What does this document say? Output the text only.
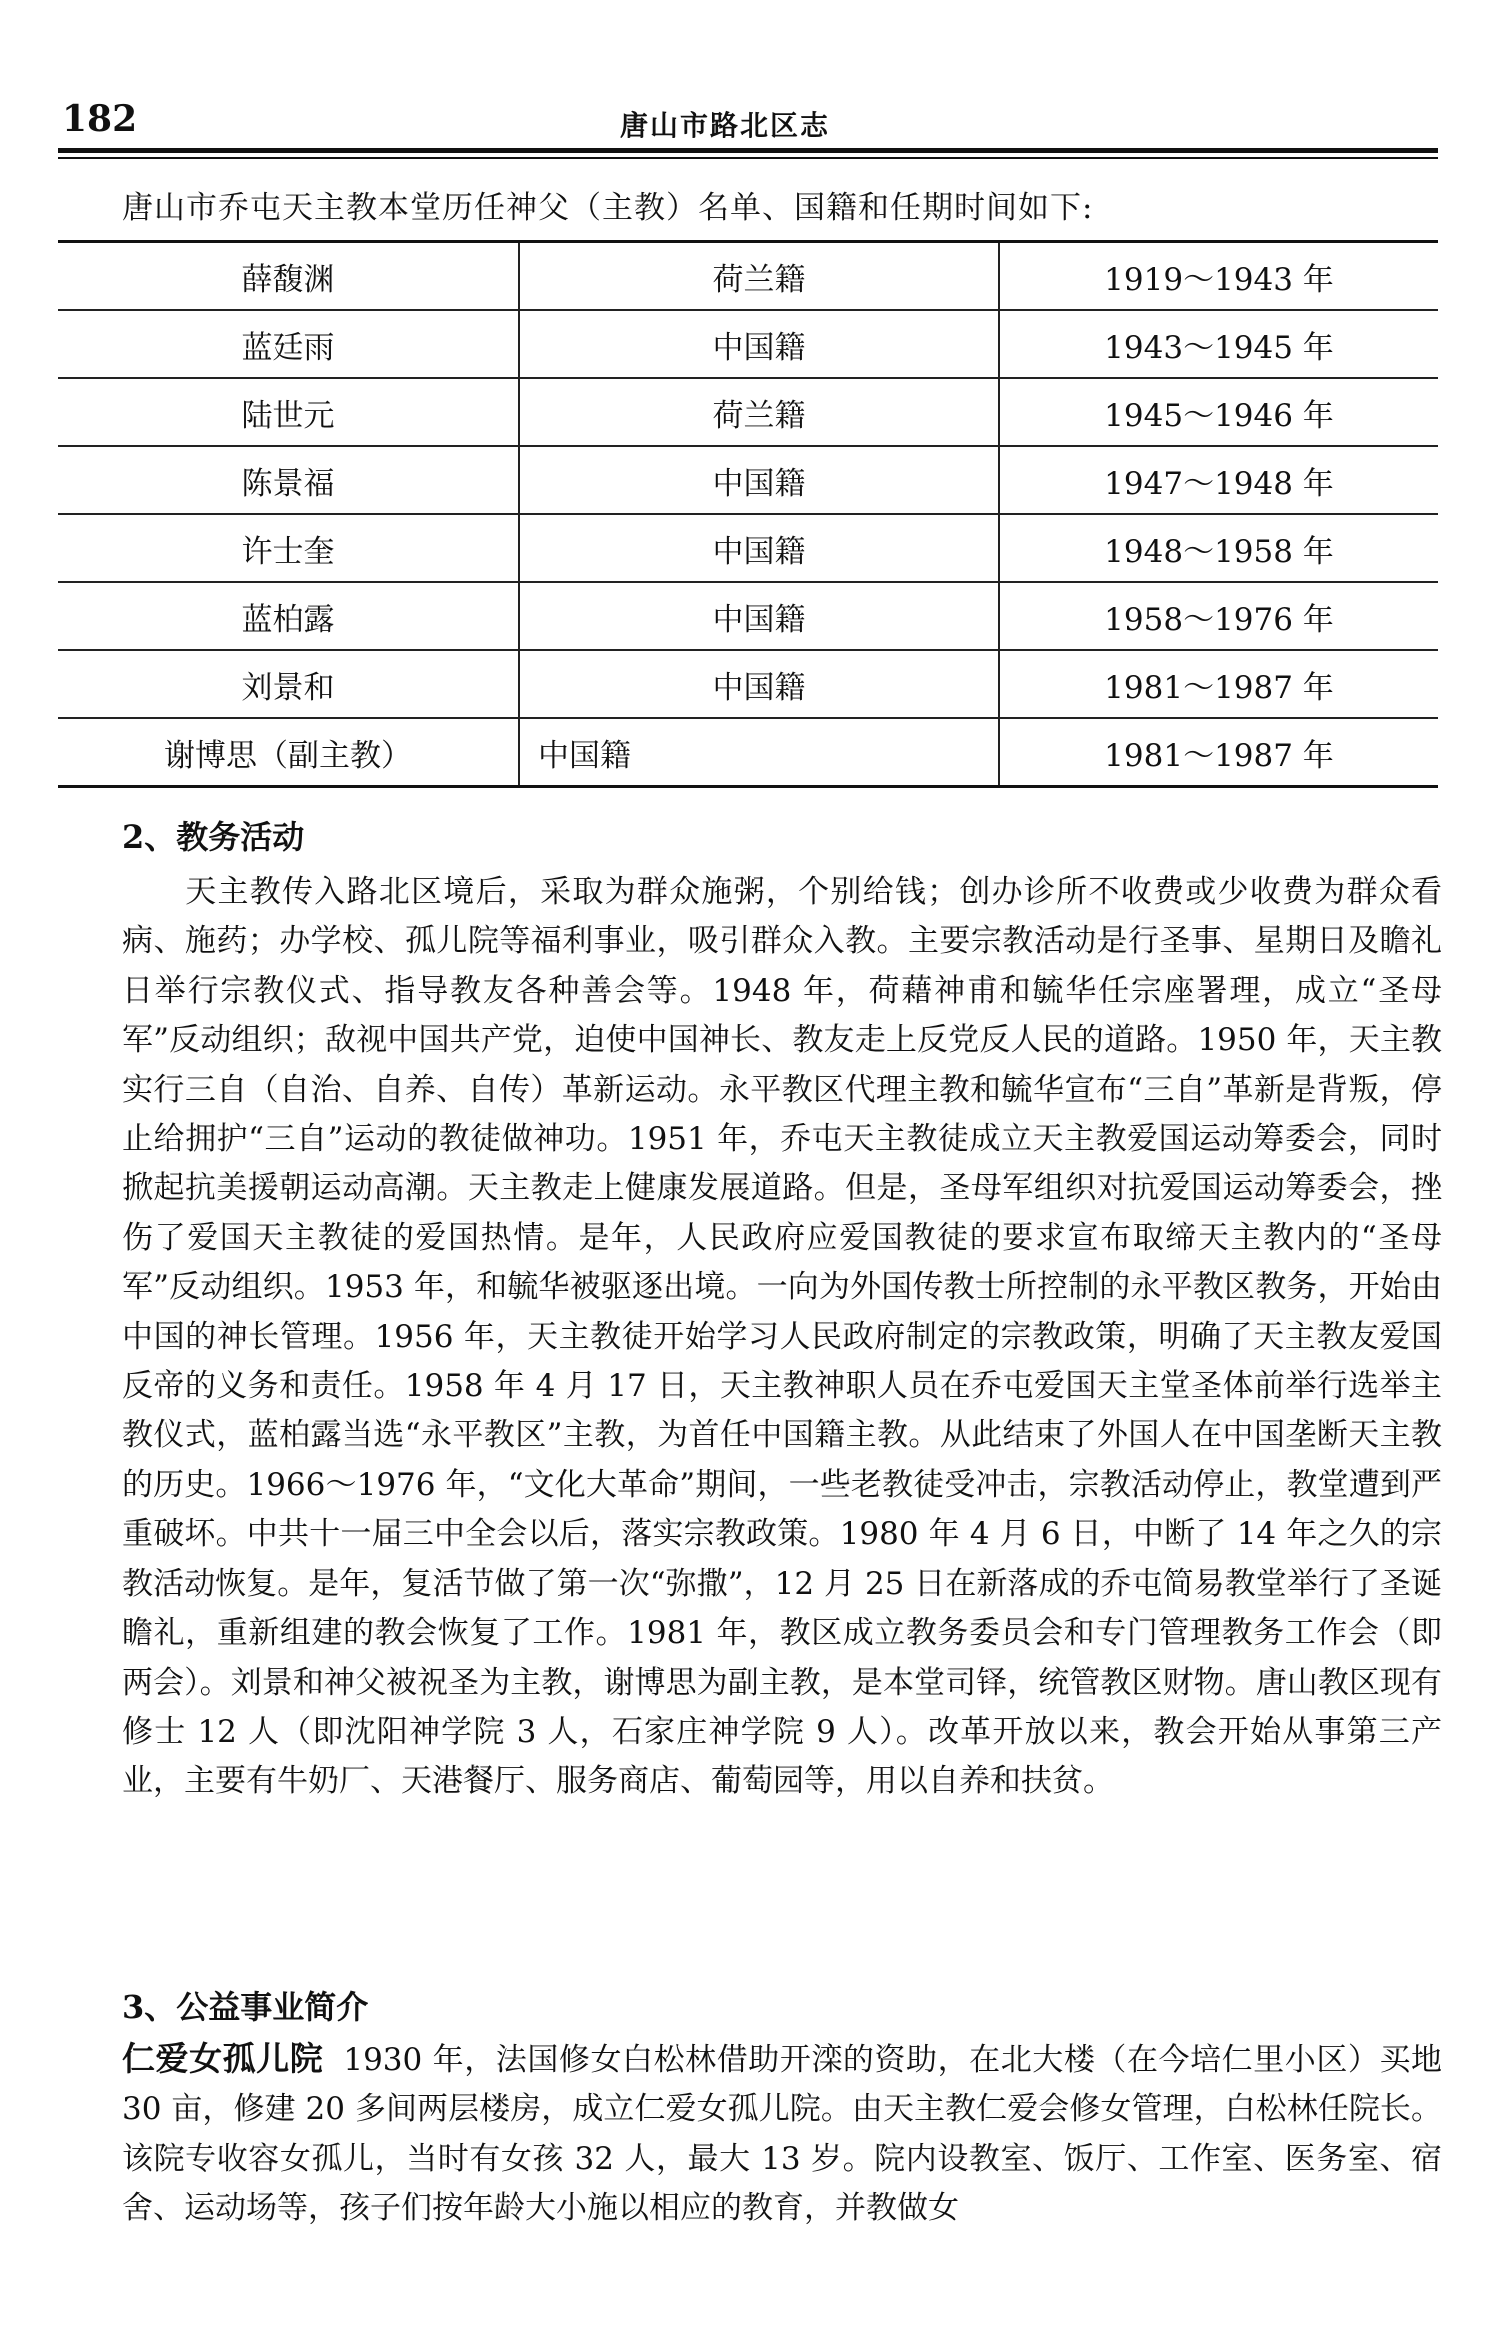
182	唐山市路北区志
唐山市乔屯天主教本堂历任神父（主教）名单、国籍和任期时间如下:
薛馥渊	荷兰籍	1919～1943 年
蓝廷雨	中国籍	1943～1945 年
陆世元	荷兰籍	1945～1946 年
陈景福	中国籍	1947～1948 年
许士奎	中国籍	1948～1958 年
蓝柏露	中国籍	1958～1976 年
刘景和	中国籍	1981～1987 年
谢博思（副主教）	中国籍	1981～1987 年
2、教务活动

天主教传入路北区境后，采取为群众施粥，个别给钱；创办诊所不收费或少收费为群众看病、施药；办学校、孤儿院等福利事业，吸引群众入教。主要宗教活动是行圣事、星期日及瞻礼日举行宗教仪式、指导教友各种善会等。1948 年，荷藉神甫和毓华任宗座署理，成立“圣母军”反动组织；敌视中国共产党，迫使中国神长、教友走上反党反人民的道路。1950 年，天主教实行三自（自治、自养、自传）革新运动。永平教区代理主教和毓华宣布“三自”革新是背叛，停止给拥护“三自”运动的教徒做神功。1951 年，乔屯天主教徒成立天主教爱国运动筹委会，同时掀起抗美援朝运动高潮。天主教走上健康发展道路。但是，圣母军组织对抗爱国运动筹委会，挫伤了爱国天主教徒的爱国热情。是年，人民政府应爱国教徒的要求宣布取缔天主教内的“圣母军”反动组织。1953 年，和毓华被驱逐出境。一向为外国传教士所控制的永平教区教务，开始由中国的神长管理。1956 年，天主教徒开始学习人民政府制定的宗教政策，明确了天主教友爱国反帝的义务和责任。1958 年 4 月 17 日，天主教神职人员在乔屯爱国天主堂圣体前举行选举主教仪式，蓝柏露当选“永平教区”主教，为首任中国籍主教。从此结束了外国人在中国垄断天主教的历史。1966～1976 年，“文化大革命”期间，一些老教徒受冲击，宗教活动停止，教堂遭到严重破坏。中共十一届三中全会以后，落实宗教政策。1980 年 4 月 6 日，中断了 14 年之久的宗教活动恢复。是年，复活节做了第一次“弥撒”，12 月 25 日在新落成的乔屯简易教堂举行了圣诞瞻礼，重新组建的教会恢复了工作。1981 年，教区成立教务委员会和专门管理教务工作会（即两会）。刘景和神父被祝圣为主教，谢博思为副主教，是本堂司铎，统管教区财物。唐山教区现有修士 12 人（即沈阳神学院 3 人，石家庄神学院 9 人）。改革开放以来，教会开始从事第三产业，主要有牛奶厂、天港餐厅、服务商店、葡萄园等，用以自养和扶贫。

3、公益事业简介

仁爱女孤儿院 1930 年，法国修女白松林借助开滦的资助，在北大楼（在今培仁里小区）买地 30 亩，修建 20 多间两层楼房，成立仁爱女孤儿院。由天主教仁爱会修女管理，白松林任院长。该院专收容女孤儿，当时有女孩 32 人，最大 13 岁。院内设教室、饭厅、工作室、医务室、宿舍、运动场等，孩子们按年龄大小施以相应的教育，并教做女
